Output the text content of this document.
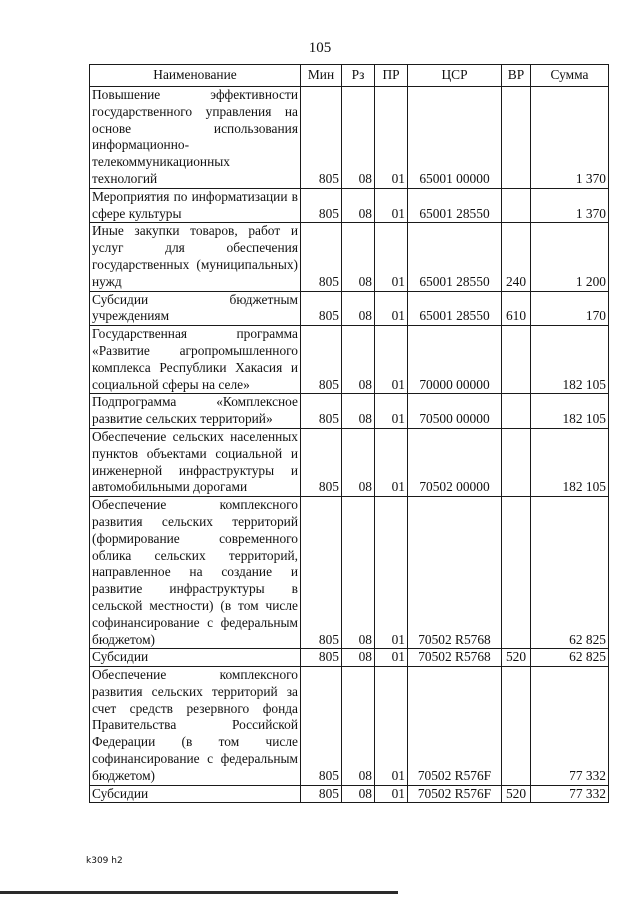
105
Наименование	Мин	Рз	ПР	ЦСР	ВР	Сумма
Повышение эффективности государственного управления на основе использования информационно-телекоммуникационных технологий	805	08	01	65001 00000		1 370
Мероприятия по информатизации в сфере культуры	805	08	01	65001 28550		1 370
Иные закупки товаров, работ и услуг для обеспечения государственных (муниципальных) нужд	805	08	01	65001 28550	240	1 200
Субсидии бюджетным учреждениям	805	08	01	65001 28550	610	170
Государственная программа «Развитие агропромышленного комплекса Республики Хакасия и социальной сферы на селе»	805	08	01	70000 00000		182 105
Подпрограмма «Комплексное развитие сельских территорий»	805	08	01	70500 00000		182 105
Обеспечение сельских населенных пунктов объектами социальной и инженерной инфраструктуры и автомобильными дорогами	805	08	01	70502 00000		182 105
Обеспечение комплексного развития сельских территорий (формирование современного облика сельских территорий, направленное на создание и развитие инфраструктуры в сельской местности) (в том числе софинансирование с федеральным бюджетом)	805	08	01	70502 R5768		62 825
Субсидии	805	08	01	70502 R5768	520	62 825
Обеспечение комплексного развития сельских территорий за счет средств резервного фонда Правительства Российской Федерации (в том числе софинансирование с федеральным бюджетом)	805	08	01	70502 R576F		77 332
Субсидии	805	08	01	70502 R576F	520	77 332
k309 h2
